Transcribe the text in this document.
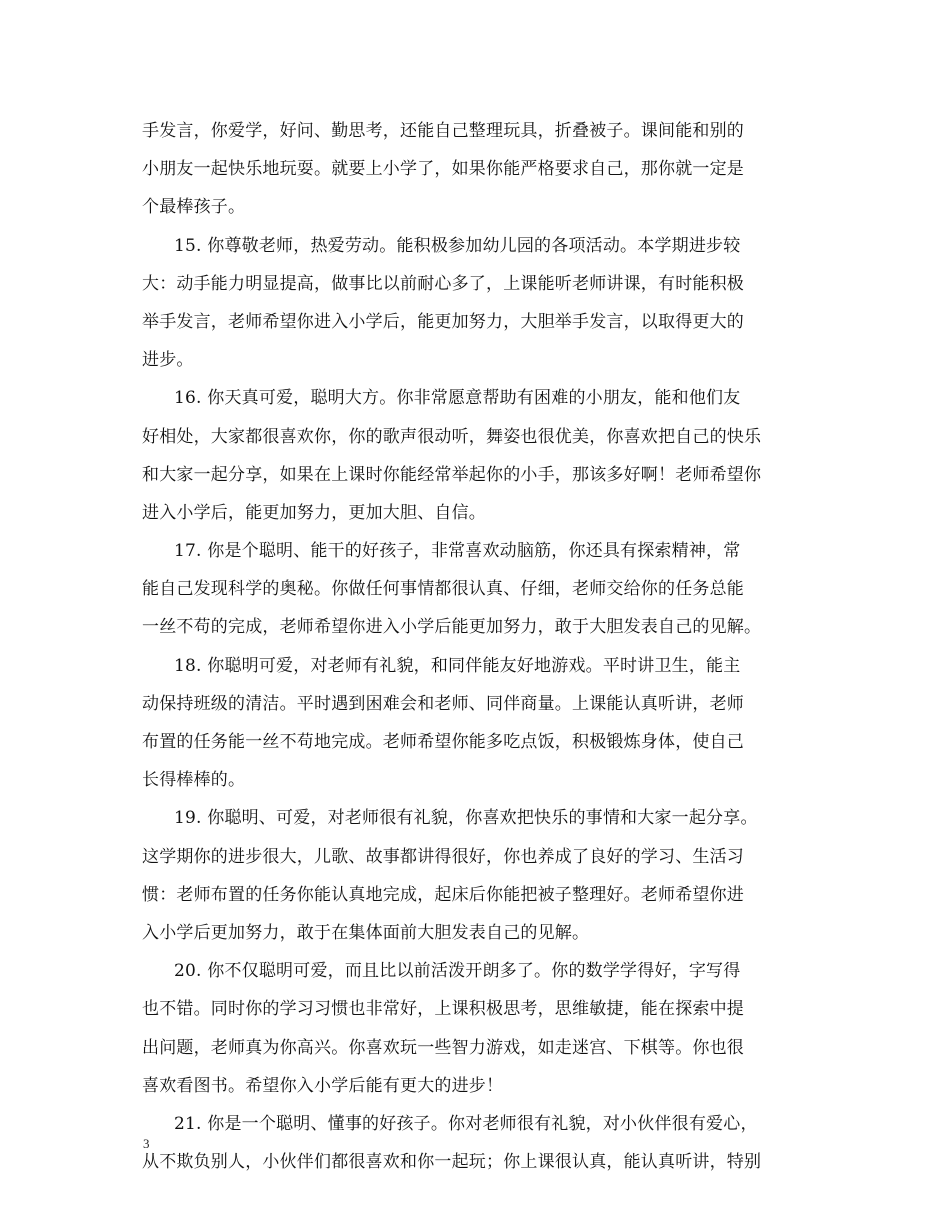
手发言，你爱学，好问、勤思考，还能自己整理玩具，折叠被子。课间能和别的
小朋友一起快乐地玩耍。就要上小学了，如果你能严格要求自己，那你就一定是
个最棒孩子。
15. 你尊敬老师，热爱劳动。能积极参加幼儿园的各项活动。本学期进步较
大：动手能力明显提高，做事比以前耐心多了，上课能听老师讲课，有时能积极
举手发言，老师希望你进入小学后，能更加努力，大胆举手发言，以取得更大的
进步。
16. 你天真可爱，聪明大方。你非常愿意帮助有困难的小朋友，能和他们友
好相处，大家都很喜欢你，你的歌声很动听，舞姿也很优美，你喜欢把自己的快乐
和大家一起分享，如果在上课时你能经常举起你的小手，那该多好啊！老师希望你
进入小学后，能更加努力，更加大胆、自信。
17. 你是个聪明、能干的好孩子，非常喜欢动脑筋，你还具有探索精神，常
能自己发现科学的奥秘。你做任何事情都很认真、仔细，老师交给你的任务总能
一丝不苟的完成，老师希望你进入小学后能更加努力，敢于大胆发表自己的见解。
18. 你聪明可爱，对老师有礼貌，和同伴能友好地游戏。平时讲卫生，能主
动保持班级的清洁。平时遇到困难会和老师、同伴商量。上课能认真听讲，老师
布置的任务能一丝不苟地完成。老师希望你能多吃点饭，积极锻炼身体，使自己
长得棒棒的。
19. 你聪明、可爱，对老师很有礼貌，你喜欢把快乐的事情和大家一起分享。
这学期你的进步很大，儿歌、故事都讲得很好，你也养成了良好的学习、生活习
惯：老师布置的任务你能认真地完成，起床后你能把被子整理好。老师希望你进
入小学后更加努力，敢于在集体面前大胆发表自己的见解。
20. 你不仅聪明可爱，而且比以前活泼开朗多了。你的数学学得好，字写得
也不错。同时你的学习习惯也非常好，上课积极思考，思维敏捷，能在探索中提
出问题，老师真为你高兴。你喜欢玩一些智力游戏，如走迷宫、下棋等。你也很
喜欢看图书。希望你入小学后能有更大的进步！
21. 你是一个聪明、懂事的好孩子。你对老师很有礼貌，对小伙伴很有爱心，
从不欺负别人，小伙伴们都很喜欢和你一起玩；你上课很认真，能认真听讲，特别
3
